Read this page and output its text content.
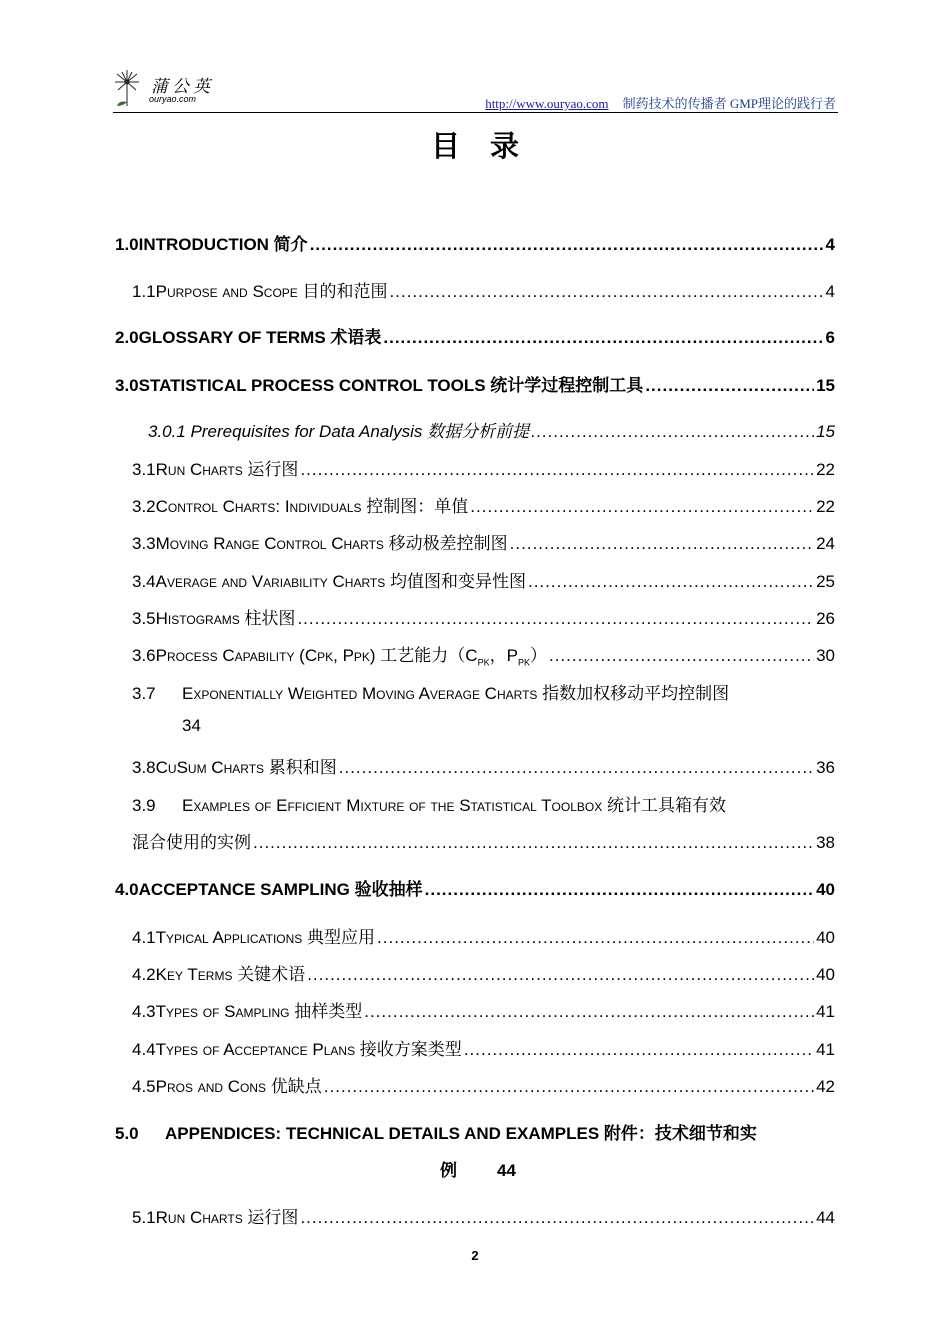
蒲公英
ouryao.com	http://www.ouryao.com 制药技术的传播者 GMP理论的践行者
目录
1.0 INTRODUCTION 简介 .....	4
1.1 Purpose and Scope 目的和范围 .....	4
2.0 GLOSSARY OF TERMS 术语表 .....	6
3.0 STATISTICAL PROCESS CONTROL TOOLS 统计学过程控制工具 .....	15
3.0.1
Prerequisites for Data Analysis 数据分析前提 .....	15
3.1 Run Charts 运行图 .....	22
3.2 Control Charts: Individuals 控制图：单值 .....	22
3.3 Moving Range Control Charts 移动极差控制图 .....	24
3.4 Average and Variability Charts 均值图和变异性图 .....	25
3.5 Histograms 柱状图 .....	26
3.6 Process Capability (Cpk, Ppk) 工艺能力（$C_{PK}$，$P_{PK}$） .....	30
3.7 Exponentially Weighted Moving Average Charts 指数加权移动平均控制图
34
3.8 CuSum Charts 累积和图 .....	36
3.9 Examples of Efficient Mixture of the Statistical Toolbox 统计工具箱有效
混合使用的实例 .....	38
4.0 ACCEPTANCE SAMPLING 验收抽样 .....	40
4.1 Typical Applications 典型应用 .....	40
4.2 Key Terms 关键术语 .....	40
4.3 Types of Sampling 抽样类型 .....	41
4.4 Types of Acceptance Plans 接收方案类型 .....	41
4.5 Pros and Cons 优缺点 .....	42
5.0 APPENDICES: TECHNICAL DETAILS AND EXAMPLES 附件：技术细节和实
例 44
5.1 Run Charts 运行图 .....	44
2
